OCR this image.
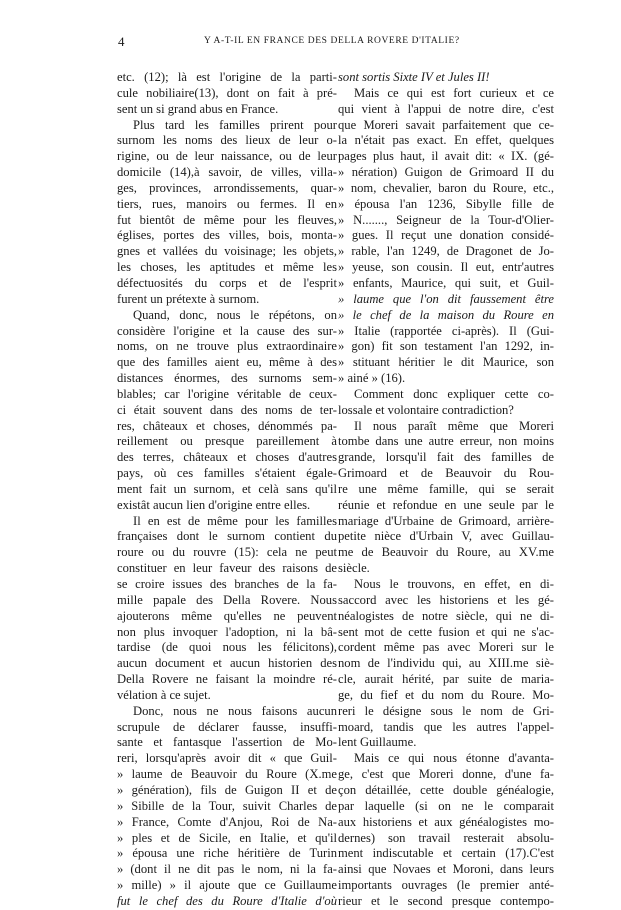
4	Y A-T-IL EN FRANCE DES DELLA ROVERE D'ITALIE?
etc. (12); là est l'origine de la parti-
cule nobiliaire(13), dont on fait à pré-
sent un si grand abus en France.
Plus tard les familles prirent pour
surnom les noms des lieux de leur o-
rigine, ou de leur naissance, ou de leur
domicile (14),à savoir, de villes, villa-
ges, provinces, arrondissements, quar-
tiers, rues, manoirs ou fermes. Il en
fut bientôt de même pour les fleuves,
églises, portes des villes, bois, monta-
gnes et vallées du voisinage; les objets,
les choses, les aptitudes et même les
défectuosités du corps et de l'esprit
furent un prétexte à surnom.
Quand, donc, nous le répétons, on
considère l'origine et la cause des sur-
noms, on ne trouve plus extraordinaire
que des familles aient eu, même à des
distances énormes, des surnoms sem-
blables; car l'origine véritable de ceux-
ci était souvent dans des noms de ter-
res, châteaux et choses, dénommés pa-
reillement ou presque pareillement à
des terres, châteaux et choses d'autres
pays, où ces familles s'étaient égale-
ment fait un surnom, et celà sans qu'il
existât aucun lien d'origine entre elles.
Il en est de même pour les familles
françaises dont le surnom contient du
roure ou du rouvre (15): cela ne peut
constituer en leur faveur des raisons de
se croire issues des branches de la fa-
mille papale des Della Rovere. Nous
ajouterons même qu'elles ne peuvent
non plus invoquer l'adoption, ni la bâ-
tardise (de quoi nous les félicitons),
aucun document et aucun historien des
Della Rovere ne faisant la moindre ré-
vélation à ce sujet.
Donc, nous ne nous faisons aucun
scrupule de déclarer fausse, insuffi-
sante et fantasque l'assertion de Mo-
reri, lorsqu'après avoir dit « que Guil-
» laume de Beauvoir du Roure (X.me
» génération), fils de Guigon II et de
» Sibille de la Tour, suivit Charles de
» France, Comte d'Anjou, Roi de Na-
» ples et de Sicile, en Italie, et qu'il
» épousa une riche héritière de Turin
» (dont il ne dit pas le nom, ni la fa-
» mille) » il ajoute que ce Guillaume
fut le chef des du Roure d'Italie d'où
sont sortis Sixte IV et Jules II!
Mais ce qui est fort curieux et ce
qui vient à l'appui de notre dire, c'est
que Moreri savait parfaitement que ce-
la n'était pas exact. En effet, quelques
pages plus haut, il avait dit: « IX. (gé-
» nération) Guigon de Grimoard II du
» nom, chevalier, baron du Roure, etc.,
» épousa l'an 1236, Sibylle fille de
» N......., Seigneur de la Tour-d'Olier-
» gues. Il reçut une donation considé-
» rable, l'an 1249, de Dragonet de Jo-
» yeuse, son cousin. Il eut, entr'autres
» enfants, Maurice, qui suit, et Guil-
» laume que l'on dit faussement être
» le chef de la maison du Roure en
» Italie (rapportée ci-après). Il (Gui-
» gon) fit son testament l'an 1292, in-
» stituant héritier le dit Maurice, son
» ainé » (16).
Comment donc expliquer cette co-
lossale et volontaire contradiction?
Il nous paraît même que Moreri
tombe dans une autre erreur, non moins
grande, lorsqu'il fait des familles de
Grimoard et de Beauvoir du Rou-
re une même famille, qui se serait
réunie et refondue en une seule par le
mariage d'Urbaine de Grimoard, arrière-
petite nièce d'Urbain V, avec Guillau-
me de Beauvoir du Roure, au XV.me
siècle.
Nous le trouvons, en effet, en di-
saccord avec les historiens et les gé-
néalogistes de notre siècle, qui ne di-
sent mot de cette fusion et qui ne s'ac-
cordent même pas avec Moreri sur le
nom de l'individu qui, au XIII.me siè-
cle, aurait hérité, par suite de maria-
ge, du fief et du nom du Roure. Mo-
reri le désigne sous le nom de Gri-
moard, tandis que les autres l'appel-
lent Guillaume.
Mais ce qui nous étonne d'avanta-
ge, c'est que Moreri donne, d'une fa-
çon détaillée, cette double généalogie,
par laquelle (si on ne le comparait
aux historiens et aux généalogistes mo-
dernes) son travail resterait absolu-
ment indiscutable et certain (17).C'est
ainsi que Novaes et Moroni, dans leurs
importants ouvrages (le premier anté-
rieur et le second presque contempo-
